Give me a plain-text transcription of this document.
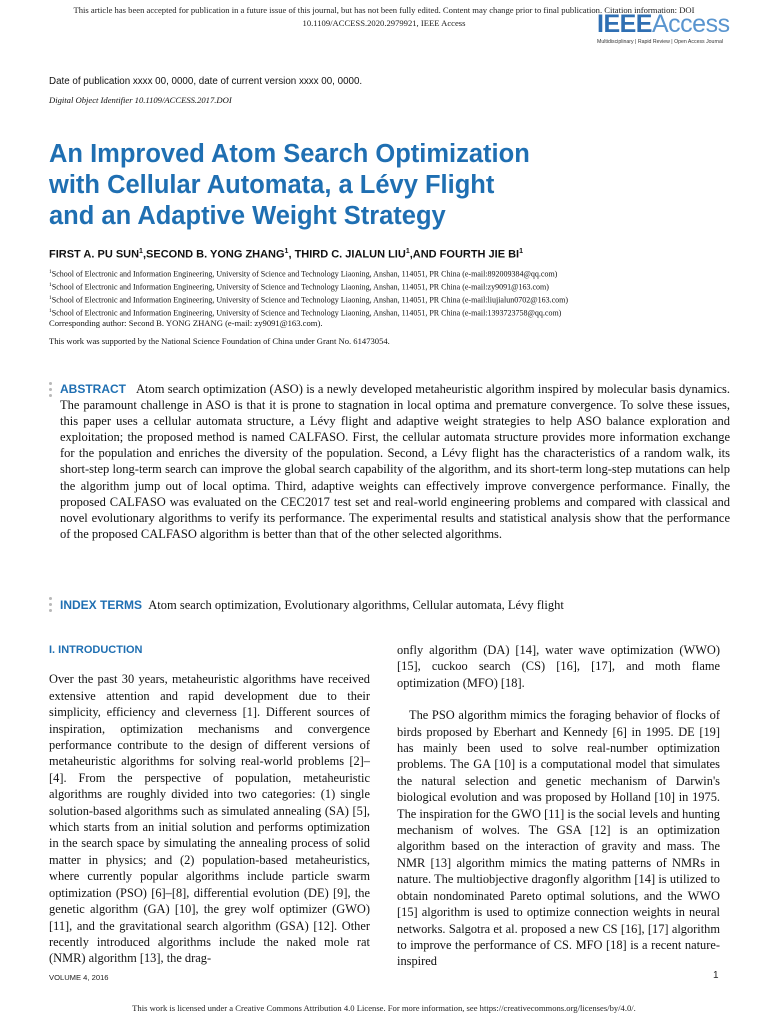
This article has been accepted for publication in a future issue of this journal, but has not been fully edited. Content may change prior to final publication. Citation information: DOI
10.1109/ACCESS.2020.2979921, IEEE Access	IEEEAccess
Multidisciplinary | Rapid Review | Open Access Journal
Date of publication xxxx 00, 0000, date of current version xxxx 00, 0000.
Digital Object Identifier 10.1109/ACCESS.2017.DOI
An Improved Atom Search Optimization
with Cellular Automata, a Lévy Flight
and an Adaptive Weight Strategy
FIRST A. PU SUN$^1$,SECOND B. YONG ZHANG$^1$, THIRD C. JIALUN LIU$^1$,AND FOURTH JIE $BI^1$
$^1$School of Electronic and Information Engineering, University of Science and Technology Liaoning, Anshan, 114051, PR China (e-mail:892009384@qq.com)
$^1$School of Electronic and Information Engineering, University of Science and Technology Liaoning, Anshan, 114051, PR China (e-mail:zy9091@163.com)
$^1$School of Electronic and Information Engineering, University of Science and Technology Liaoning, Anshan, 114051, PR China (e-mail:liujialun0702@163.com)
$^1$School of Electronic and Information Engineering, University of Science and Technology Liaoning, Anshan, 114051, PR China (e-mail:1393723758@qq.com)
Corresponding author: Second B. YONG ZHANG (e-mail: zy9091@163.com).
This work was supported by the National Science Foundation of China under Grant No. 61473054.
ABSTRACT Atom search optimization (ASO) is a newly developed metaheuristic algorithm inspired by molecular basis dynamics. The paramount challenge in ASO is that it is prone to stagnation in local optima and premature convergence. To solve these issues, this paper uses a cellular automata structure, a Lévy flight and adaptive weight strategies to help ASO balance exploration and exploitation; the proposed method is named CALFASO. First, the cellular automata structure provides more information exchange for the population and enriches the diversity of the population. Second, a Lévy flight has the characteristics of a random walk, its short-step long-term search can improve the global search capability of the algorithm, and its short-term long-step mutations can help the algorithm jump out of local optima. Third, adaptive weights can effectively improve convergence performance. Finally, the proposed CALFASO was evaluated on the CEC2017 test set and real-world engineering problems and compared with classical and novel evolutionary algorithms to verify its performance. The experimental results and statistical analysis show that the performance of the proposed CALFASO algorithm is better than that of the other selected algorithms.
INDEX TERMS Atom search optimization, Evolutionary algorithms, Cellular automata, Lévy flight

I. INTRODUCTION

Over the past 30 years, metaheuristic algorithms have received extensive attention and rapid development due to their simplicity, efficiency and cleverness [1]. Different sources of inspiration, optimization mechanisms and convergence performance contribute to the design of different versions of metaheuristic algorithms for solving real-world problems [2]–[4]. From the perspective of population, metaheuristic algorithms are roughly divided into two categories: (1) single solution-based algorithms such as simulated annealing (SA) [5], which starts from an initial solution and performs optimization in the search space by simulating the annealing process of solid matter in physics; and (2) population-based metaheuristics, where currently popular algorithms include particle swarm optimization (PSO) [6]–[8], differential evolution (DE) [9], the genetic algorithm (GA) [10], the grey wolf optimizer (GWO) [11], and the gravitational search algorithm (GSA) [12]. Other recently introduced algorithms include the naked mole rat (NMR) algorithm [13], the drag-

onfly algorithm (DA) [14], water wave optimization (WWO) [15], cuckoo search (CS) [16], [17], and moth flame optimization (MFO) [18].

The PSO algorithm mimics the foraging behavior of flocks of birds proposed by Eberhart and Kennedy [6] in 1995. DE [19] has mainly been used to solve real-number optimization problems. The GA [10] is a computational model that simulates the natural selection and genetic mechanism of Darwin's biological evolution and was proposed by Holland [10] in 1975. The inspiration for the GWO [11] is the social levels and hunting mechanism of wolves. The GSA [12] is an optimization algorithm based on the interaction of gravity and mass. The NMR [13] algorithm mimics the mating patterns of NMRs in nature. The multiobjective dragonfly algorithm [14] is utilized to obtain nondominated Pareto optimal solutions, and the WWO [15] algorithm is used to optimize connection weights in neural networks. Salgotra et al. proposed a new CS [16], [17] algorithm to improve the performance of CS. MFO [18] is a recent nature-inspired

VOLUME 4, 2016	1
This work is licensed under a Creative Commons Attribution 4.0 License. For more information, see https://creativecommons.org/licenses/by/4.0/.
